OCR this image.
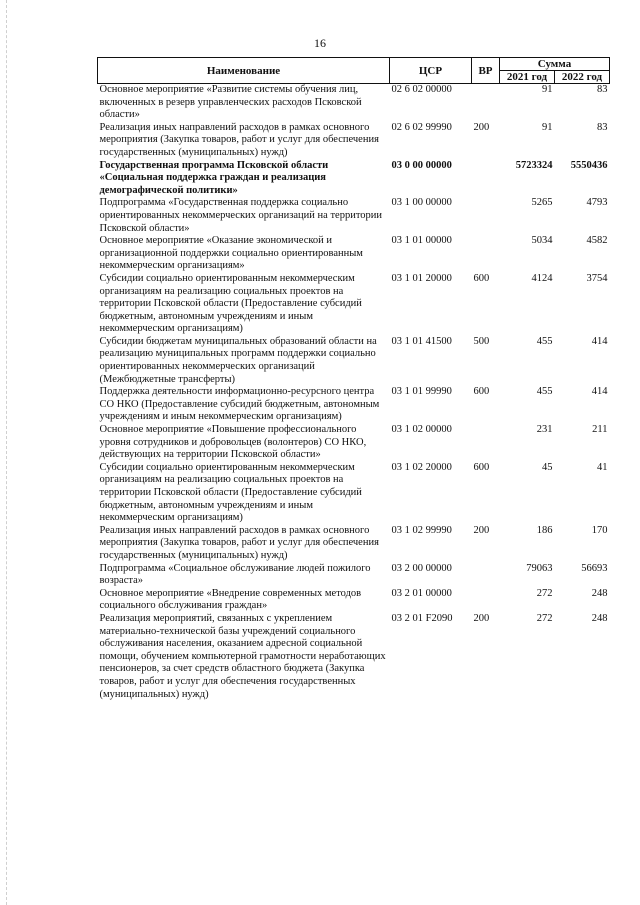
16
Наименование	ЦСР	ВР	Сумма	
			2021 год	2022 год
Основное мероприятие «Развитие системы обучения лиц, включенных в резерв управленческих расходов Псковской области»	02 6 02 00000		91	83
Реализация иных направлений расходов в рамках основного мероприятия (Закупка товаров, работ и услуг для обеспечения государственных (муниципальных) нужд)	02 6 02 99990	200	91	83
Государственная программа Псковской области «Социальная поддержка граждан и реализация демографической политики»	03 0 00 00000		5723324	5550436
Подпрограмма «Государственная поддержка социально ориентированных некоммерческих организаций на территории Псковской области»	03 1 00 00000		5265	4793
Основное мероприятие «Оказание экономической и организационной поддержки социально ориентированным некоммерческим организациям»	03 1 01 00000		5034	4582
Субсидии социально ориентированным некоммерческим организациям на реализацию социальных проектов на территории Псковской области (Предоставление субсидий бюджетным, автономным учреждениям и иным некоммерческим организациям)	03 1 01 20000	600	4124	3754
Субсидии бюджетам муниципальных образований области на реализацию муниципальных программ поддержки социально ориентированных некоммерческих организаций (Межбюджетные трансферты)	03 1 01 41500	500	455	414
Поддержка деятельности информационно-ресурсного центра СО НКО (Предоставление субсидий бюджетным, автономным учреждениям и иным некоммерческим организациям)	03 1 01 99990	600	455	414
Основное мероприятие «Повышение профессионального уровня сотрудников и добровольцев (волонтеров) СО НКО, действующих на территории Псковской области»	03 1 02 00000		231	211
Субсидии социально ориентированным некоммерческим организациям на реализацию социальных проектов на территории Псковской области (Предоставление субсидий бюджетным, автономным учреждениям и иным некоммерческим организациям)	03 1 02 20000	600	45	41
Реализация иных направлений расходов в рамках основного мероприятия (Закупка товаров, работ и услуг для обеспечения государственных (муниципальных) нужд)	03 1 02 99990	200	186	170
Подпрограмма «Социальное обслуживание людей пожилого возраста»	03 2 00 00000		79063	56693
Основное мероприятие «Внедрение современных методов социального обслуживания граждан»	03 2 01 00000		272	248
Реализация мероприятий, связанных с укреплением материально-технической базы учреждений социального обслуживания населения, оказанием адресной социальной помощи, обучением компьютерной грамотности неработающих пенсионеров, за счет средств областного бюджета (Закупка товаров, работ и услуг для обеспечения государственных (муниципальных) нужд)	03 2 01 F2090	200	272	248
